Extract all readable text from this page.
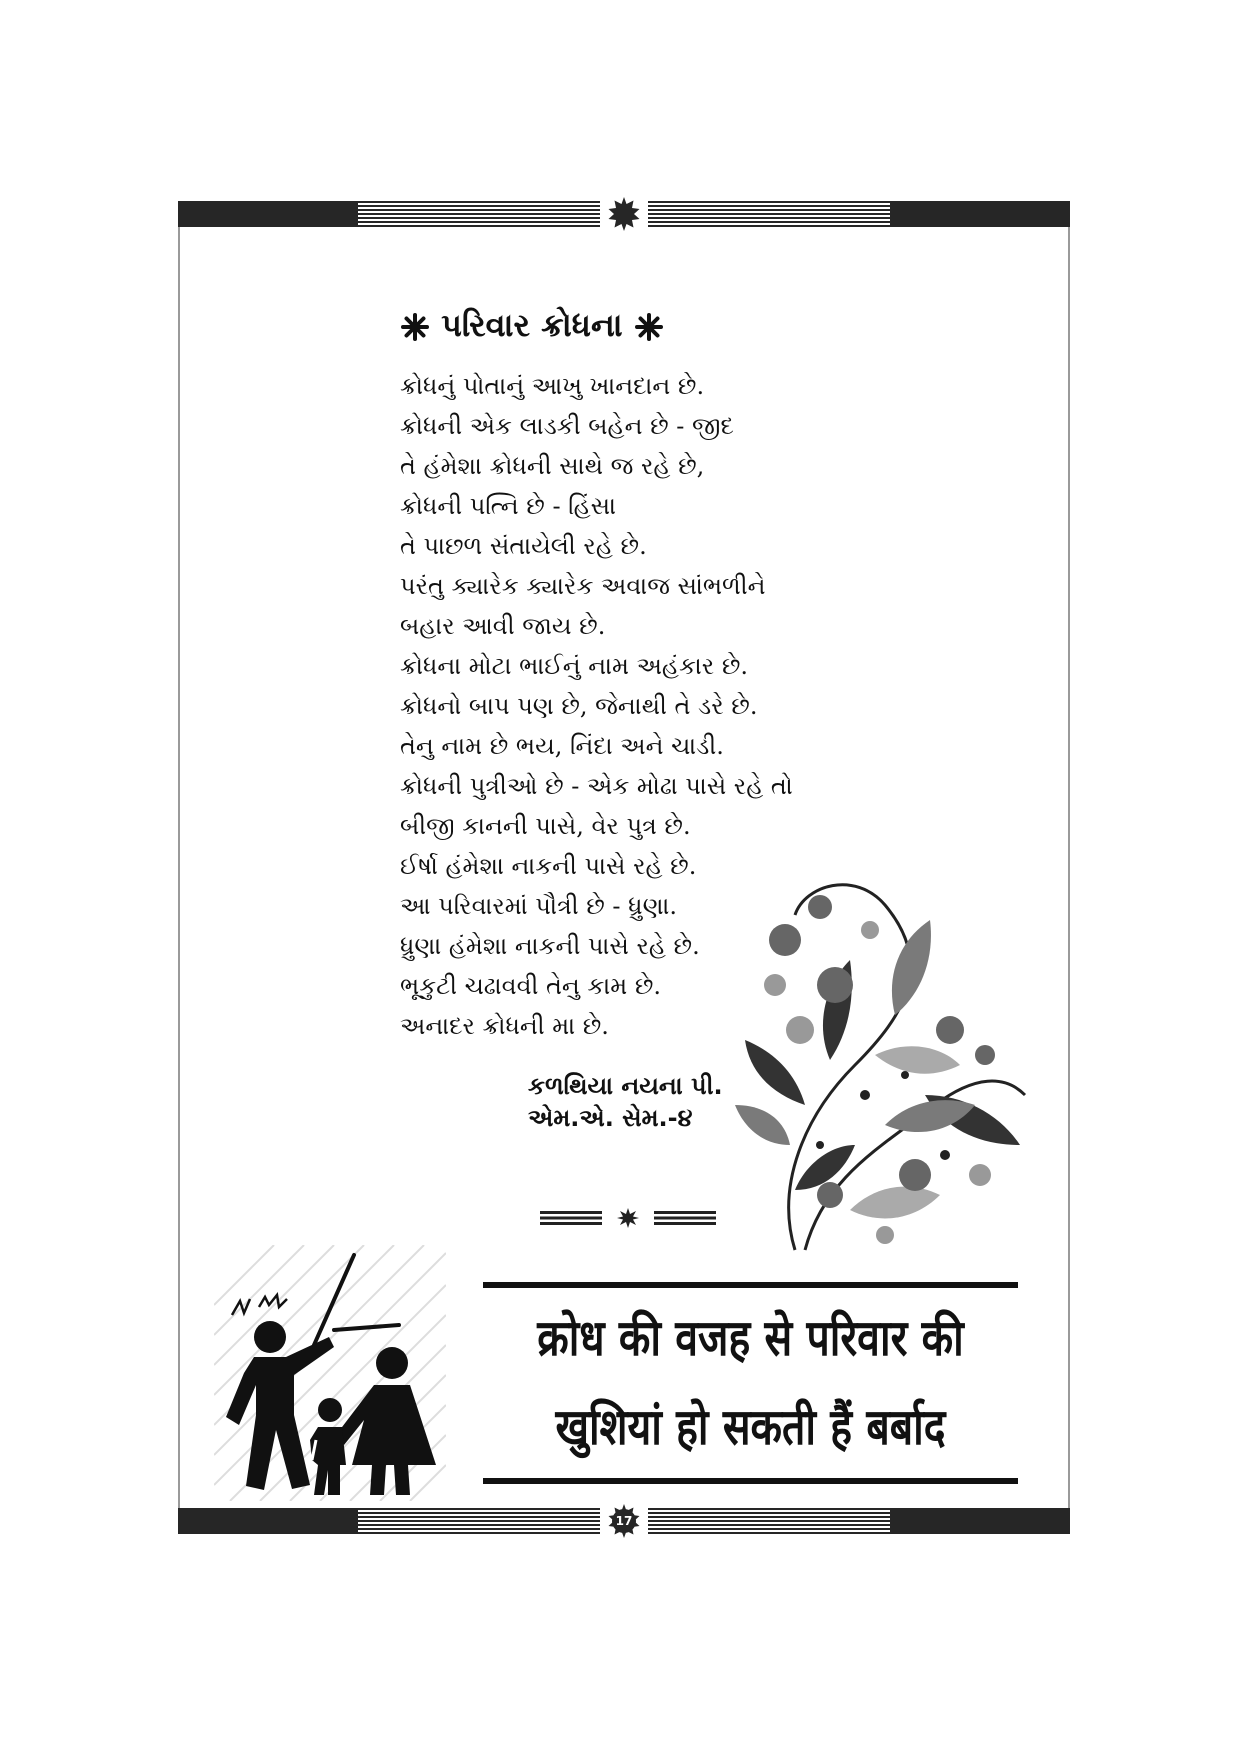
પરિવાર ક્રોધના
ક્રોધનું પોતાનું આખુ ખાનદાન છે.
ક્રોધની એક લાડકી બહેન છે - જીદ
તે હંમેશા ક્રોધની સાથે જ રહે છે,
ક્રોધની પત્નિ છે - હિંસા
તે પાછળ સંતાયેલી રહે છે.
પરંતુ ક્યારેક ક્યારેક અવાજ સાંભળીને
બહાર આવી જાય છે.
ક્રોધના મોટા ભાઈનું નામ અહંકાર છે.
ક્રોધનો બાપ પણ છે, જેનાથી તે ડરે છે.
તેનુ નામ છે ભય, નિંદા અને ચાડી.
ક્રોધની પુત્રીઓ છે - એક મોઢા પાસે રહે તો
બીજી કાનની પાસે, વેર પુત્ર છે.
ઈર્ષા હંમેશા નાકની પાસે રહે છે.
આ પરિવારમાં પૌત્રી છે - ધ્રુણા.
ધ્રુણા હંમેશા નાકની પાસે રહે છે.
ભૂકુટી ચઢાવવી તેનુ કામ છે.
અનાદર ક્રોધની મા છે.
કળથિયા નયના પી.
એમ.એ. સેમ.-૪
क्रोध की वजह से परिवार की
खुशियां हो सकती हैं बर्बाद
17
